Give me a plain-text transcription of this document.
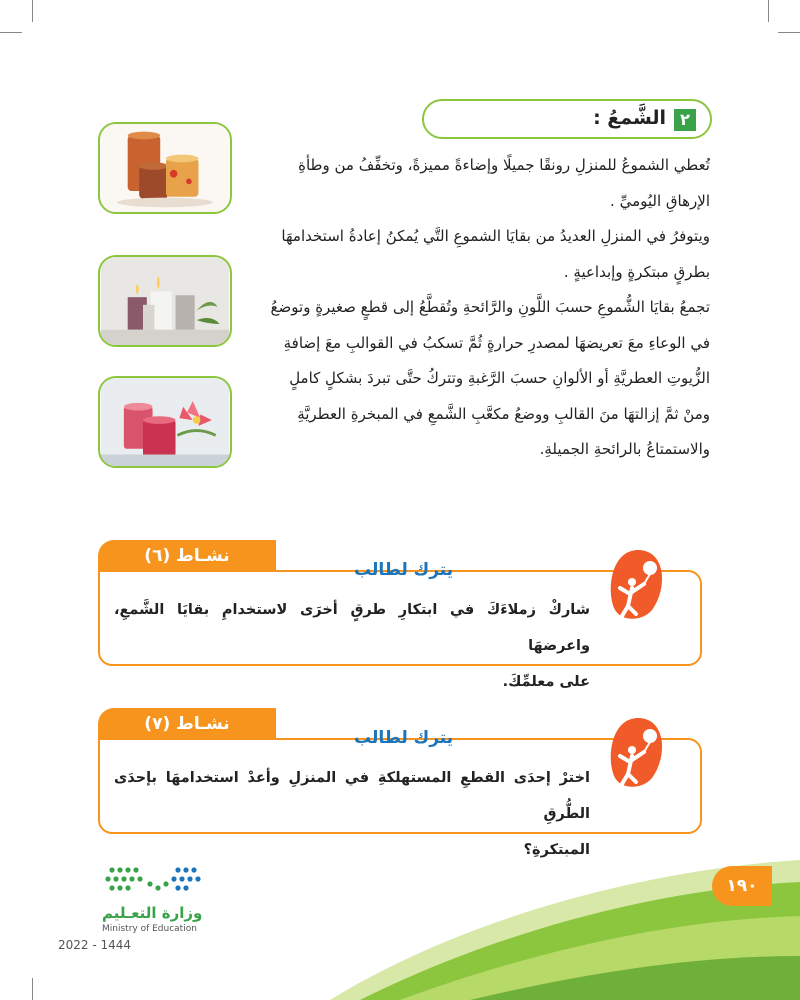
٢
الشَّمعُ :

تُعطي الشموعُ للمنزلِ رونقًا جميلًا وإضاءةً مميزةً، وتخفِّفُ من وطأةِ

الإرهاقِ اليُوميِّ .

ويتوفرُ في المنزلِ العديدُ من بقايَا الشموعِ التَّي يُمكنُ إعادةُ استخدامهَا

بطرقٍ مبتكرةٍ وإبداعيةٍ .

تجمعُ بقايَا الشُّموعِ حسبَ اللَّونِ والرَّائحةِ وتُقطَّعُ إلى قطعٍ صغيرةٍ وتوضعُ

في الوعاءِ معَ تعريضهَا لمصدرِ حرارةٍ ثُمَّ تسكبُ في القوالبِ معَ إضافةِ

الزُّيوتِ العطريَّةِ أو الألوانِ حسبَ الرَّغبةِ وتتركُ حتَّى تبردَ بشكلٍ كاملٍ

ومنْ ثمَّ إزالتهَا منَ القالبِ ووضعُ مكعَّبِ الشَّمعِ في المبخرةِ العطريَّةِ

والاستمتاعُ بالرائحةِ الجميلةِ.

نشـاط (٦)
يترك لطالب
شاركْ زملاءَكَ في ابتكارِ طرقٍ أخرَى لاستخدامِ بقايَا الشَّمعِ، واعرضهَا
على معلمِّكَ.
نشـاط (٧)
يترك لطالب
اخترْ إحدَى القطعِ المستهلكةِ في المنزلِ وأعدْ استخدامهَا بإحدَى الطُّرقِ
المبتكرةِ؟
١٩٠
وزارة التعـليم
Ministry of Education
2022 - 1444
